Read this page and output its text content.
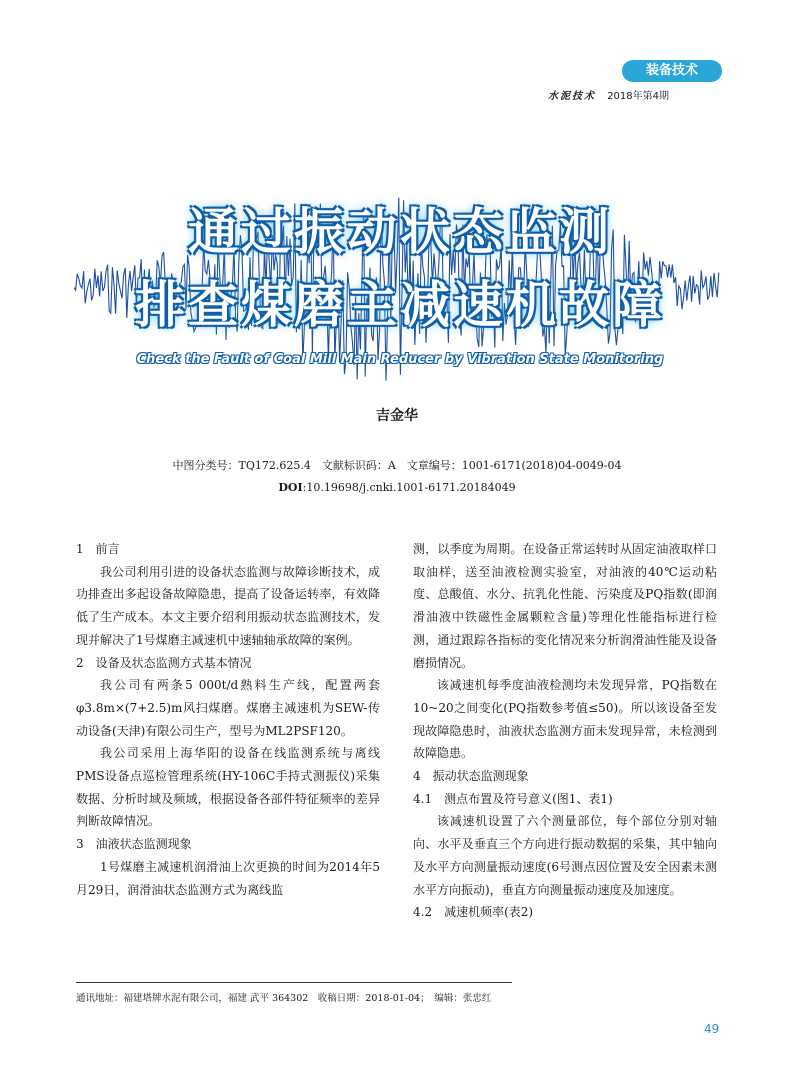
装备技术
水泥技术 2018年第4期
通过振动状态监测
排查煤磨主减速机故障
Check the Fault of Coal Mill Main Reducer by Vibration State Monitoring
吉金华
中图分类号：TQ172.625.4　文献标识码：A　文章编号：1001-6171(2018)04-0049-04
DOI:10.19698/j.cnki.1001-6171.20184049

1　前言

我公司利用引进的设备状态监测与故障诊断技术，成功排查出多起设备故障隐患，提高了设备运转率，有效降低了生产成本。本文主要介绍利用振动状态监测技术，发现并解决了1号煤磨主减速机中速轴轴承故障的案例。

2　设备及状态监测方式基本情况

我公司有两条5 000t/d熟料生产线，配置两套φ3.8m×(7+2.5)m风扫煤磨。煤磨主减速机为SEW-传动设备(天津)有限公司生产，型号为ML2PSF120。

我公司采用上海华阳的设备在线监测系统与离线PMS设备点巡检管理系统(HY-106C手持式测振仪)采集数据、分析时域及频域，根据设备各部件特征频率的差异判断故障情况。

3　油液状态监测现象

1号煤磨主减速机润滑油上次更换的时间为2014年5月29日，润滑油状态监测方式为离线监

测，以季度为周期。在设备正常运转时从固定油液取样口取油样，送至油液检测实验室，对油液的40℃运动粘度、总酸值、水分、抗乳化性能、污染度及PQ指数(即润滑油液中铁磁性金属颗粒含量)等理化性能指标进行检测，通过跟踪各指标的变化情况来分析润滑油性能及设备磨损情况。

该减速机每季度油液检测均未发现异常，PQ指数在10~20之间变化(PQ指数参考值≤50)。所以该设备至发现故障隐患时，油液状态监测方面未发现异常，未检测到故障隐患。

4　振动状态监测现象

4.1　测点布置及符号意义(图1、表1)

该减速机设置了六个测量部位，每个部位分别对轴向、水平及垂直三个方向进行振动数据的采集，其中轴向及水平方向测量振动速度(6号测点因位置及安全因素未测水平方向振动)，垂直方向测量振动速度及加速度。

4.2　减速机频率(表2)

通讯地址：福建塔牌水泥有限公司，福建 武平 364302　收稿日期：2018-01-04；　编辑：张忠红
49
